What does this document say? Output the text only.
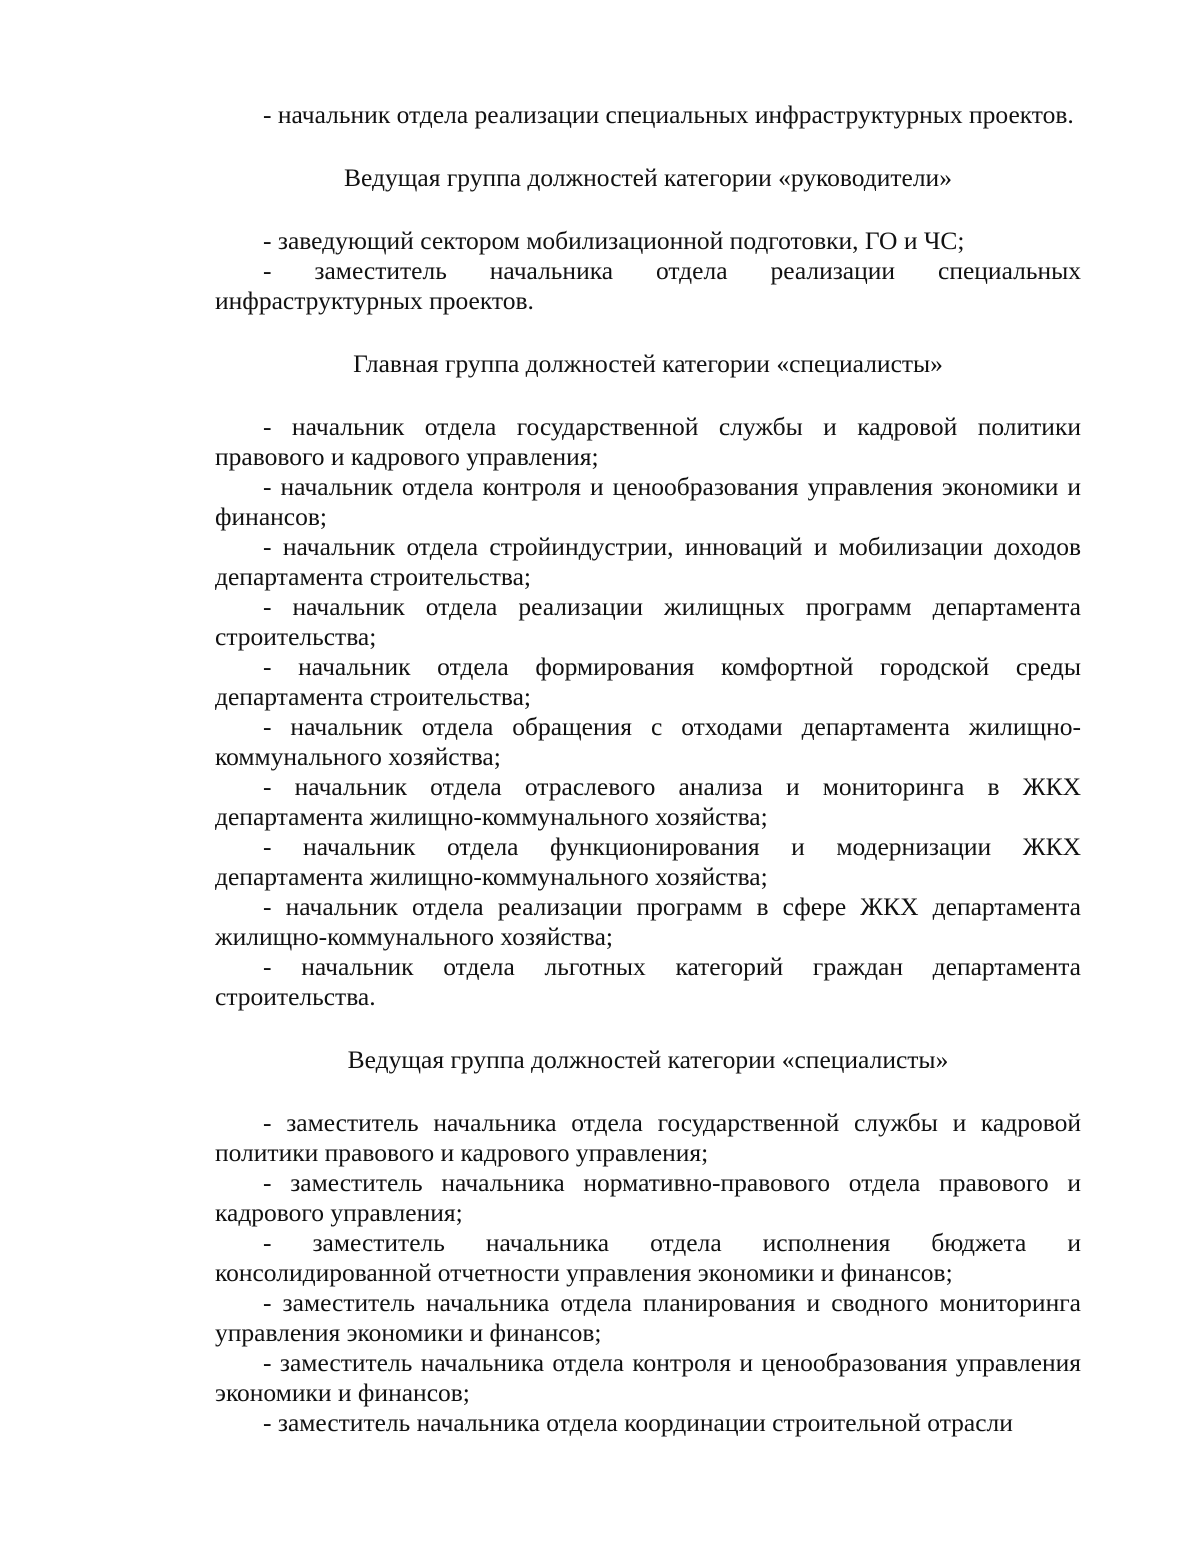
- начальник отдела реализации специальных инфраструктурных проектов.

Ведущая группа должностей категории «руководители»

- заведующий сектором мобилизационной подготовки, ГО и ЧС;

- заместитель начальника отдела реализации специальных инфраструктурных проектов.

Главная группа должностей категории «специалисты»

- начальник отдела государственной службы и кадровой политики правового и кадрового управления;

- начальник отдела контроля и ценообразования управления экономики и финансов;

- начальник отдела стройиндустрии, инноваций и мобилизации доходов департамента строительства;

- начальник отдела реализации жилищных программ департамента строительства;

- начальник отдела формирования комфортной городской среды департамента строительства;

- начальник отдела обращения с отходами департамента жилищно-коммунального хозяйства;

- начальник отдела отраслевого анализа и мониторинга в ЖКХ департамента жилищно-коммунального хозяйства;

- начальник отдела функционирования и модернизации ЖКХ департамента жилищно-коммунального хозяйства;

- начальник отдела реализации программ в сфере ЖКХ департамента жилищно-коммунального хозяйства;

- начальник отдела льготных категорий граждан департамента строительства.

Ведущая группа должностей категории «специалисты»

- заместитель начальника отдела государственной службы и кадровой политики правового и кадрового управления;

- заместитель начальника нормативно-правового отдела правового и кадрового управления;

- заместитель начальника отдела исполнения бюджета и консолидированной отчетности управления экономики и финансов;

- заместитель начальника отдела планирования и сводного мониторинга управления экономики и финансов;

- заместитель начальника отдела контроля и ценообразования управления экономики и финансов;

- заместитель начальника отдела координации строительной отрасли
